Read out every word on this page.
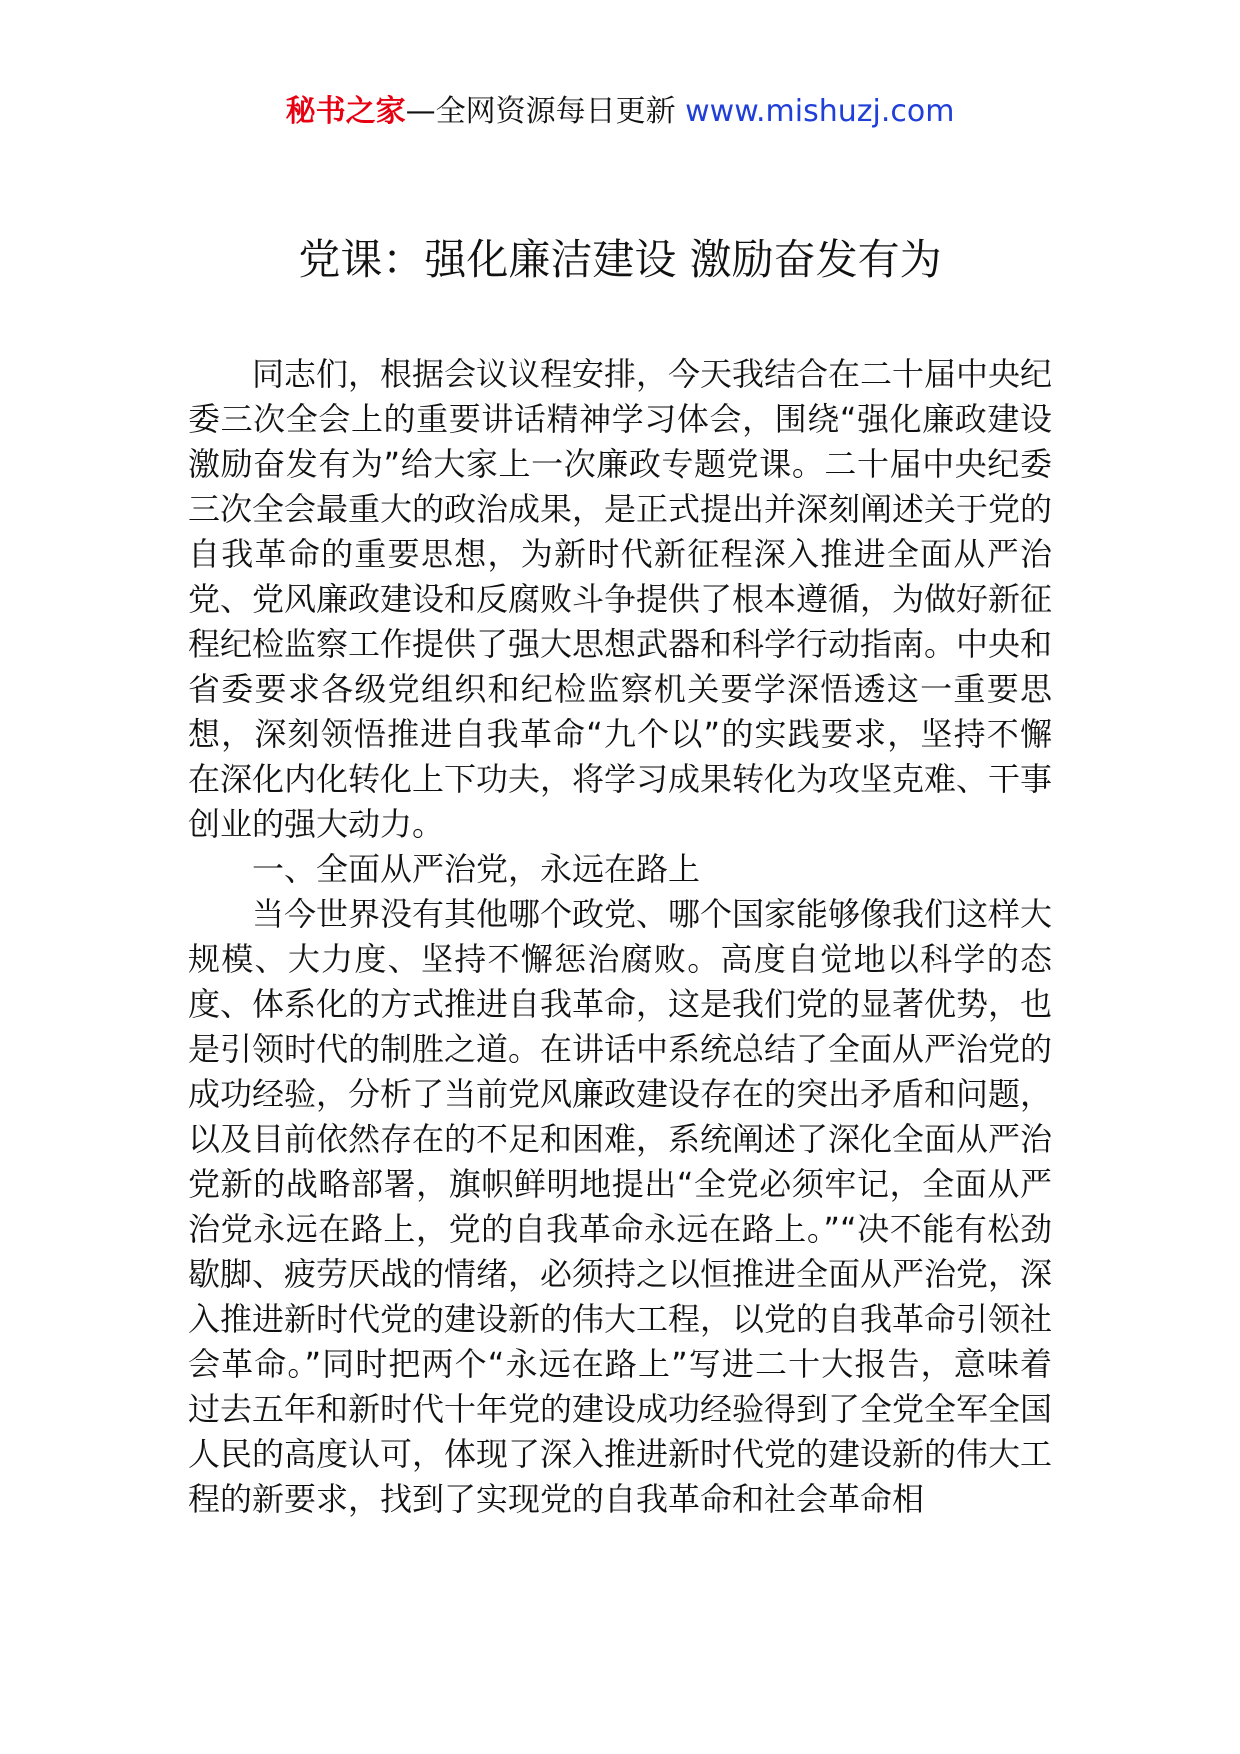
秘书之家—全网资源每日更新 www.mishuzj.com
党课：强化廉洁建设 激励奋发有为

同志们，根据会议议程安排，今天我结合在二十届中央纪委三次全会上的重要讲话精神学习体会，围绕“强化廉政建设激励奋发有为”给大家上一次廉政专题党课。二十届中央纪委三次全会最重大的政治成果，是正式提出并深刻阐述关于党的自我革命的重要思想，为新时代新征程深入推进全面从严治党、党风廉政建设和反腐败斗争提供了根本遵循，为做好新征程纪检监察工作提供了强大思想武器和科学行动指南。中央和省委要求各级党组织和纪检监察机关要学深悟透这一重要思想，深刻领悟推进自我革命“九个以”的实践要求，坚持不懈在深化内化转化上下功夫，将学习成果转化为攻坚克难、干事创业的强大动力。

一、全面从严治党，永远在路上

当今世界没有其他哪个政党、哪个国家能够像我们这样大规模、大力度、坚持不懈惩治腐败。高度自觉地以科学的态度、体系化的方式推进自我革命，这是我们党的显著优势，也是引领时代的制胜之道。在讲话中系统总结了全面从严治党的成功经验，分析了当前党风廉政建设存在的突出矛盾和问题，以及目前依然存在的不足和困难，系统阐述了深化全面从严治党新的战略部署，旗帜鲜明地提出“全党必须牢记，全面从严治党永远在路上，党的自我革命永远在路上。”“决不能有松劲歇脚、疲劳厌战的情绪，必须持之以恒推进全面从严治党，深入推进新时代党的建设新的伟大工程，以党的自我革命引领社会革命。”同时把两个“永远在路上”写进二十大报告，意味着过去五年和新时代十年党的建设成功经验得到了全党全军全国人民的高度认可，体现了深入推进新时代党的建设新的伟大工程的新要求，找到了实现党的自我革命和社会革命相
